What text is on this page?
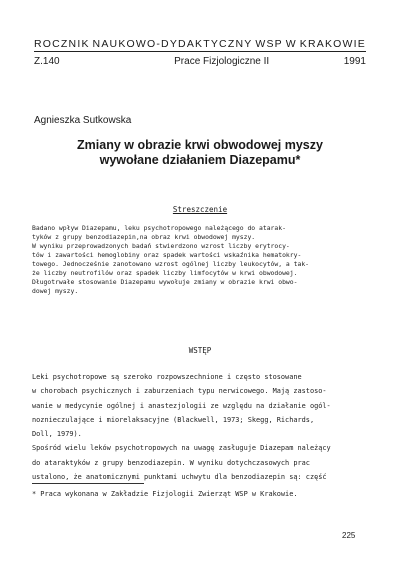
ROCZNIK NAUKOWO-DYDAKTYCZNY WSP W KRAKOWIE
Z.140	Prace Fizjologiczne II	1991
Agnieszka Sutkowska
Zmiany w obrazie krwi obwodowej myszy
wywołane działaniem Diazepamu*
Streszczenie
Badano wpływ Diazepamu, leku psychotropowego należącego do atarak-
tyków z grupy benzodiazepin,na obraz krwi obwodowej myszy.
W wyniku przeprowadzonych badań stwierdzono wzrost liczby erytrocy-
tów i zawartości hemoglobiny oraz spadek wartości wskaźnika hematokry-
towego. Jednocześnie zanotowano wzrost ogólnej liczby leukocytów, a tak-
że liczby neutrofilów oraz spadek liczby limfocytów w krwi obwodowej.
Długotrwałe stosowanie Diazepamu wywołuje zmiany w obrazie krwi obwo-
dowej myszy.
WSTĘP
Leki psychotropowe są szeroko rozpowszechnione i często stosowane
w chorobach psychicznych i zaburzeniach typu nerwicowego. Mają zastoso-
wanie w medycynie ogólnej i anastezjologii ze względu na działanie ogól-
noznieczulające i miorelaksacyjne (Blackwell, 1973; Skegg, Richards,
Doll, 1979).
Spośród wielu leków psychotropowych na uwagę zasługuje Diazepam należący
do ataraktyków z grupy benzodiazepin. W wyniku dotychczasowych prac
ustalono, że anatomicznymi punktami uchwytu dla benzodiazepin są: część
* Praca wykonana w Zakładzie Fizjologii Zwierząt WSP w Krakowie.
225
